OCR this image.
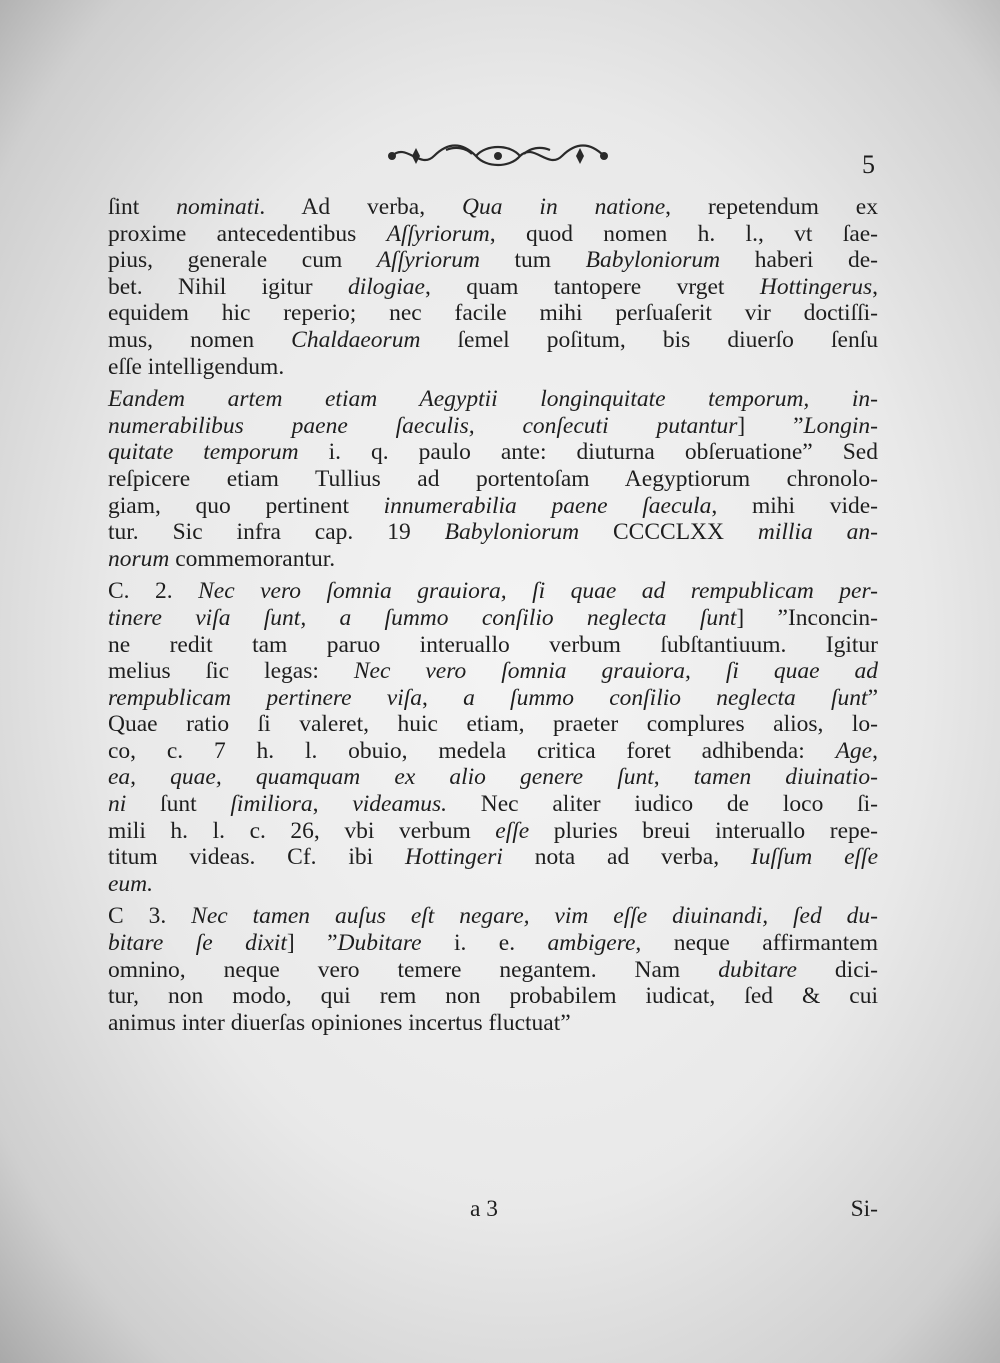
5
ſint nominati. Ad verba, Qua in natione, repetendum ex
proxime antecedentibus Aſſyriorum, quod nomen h. l., vt ſae-
pius, generale cum Aſſyriorum tum Babyloniorum haberi de-
bet. Nihil igitur dilogiae, quam tantopere vrget Hottingerus,
equidem hic reperio; nec facile mihi perſuaſerit vir doctiſſi-
mus, nomen Chaldaeorum ſemel poſitum, bis diuerſo ſenſu
eſſe intelligendum.
Eandem artem etiam Aegyptii longinquitate temporum, in-
numerabilibus paene ſaeculis, conſecuti putantur] ”Longin-
quitate temporum i. q. paulo ante: diuturna obſeruatione” Sed
reſpicere etiam Tullius ad portentoſam Aegyptiorum chronolo-
giam, quo pertinent innumerabilia paene ſaecula, mihi vide-
tur. Sic infra cap. 19 Babyloniorum CCCCLXX millia an-
norum commemorantur.
C. 2. Nec vero ſomnia grauiora, ſi quae ad rempublicam per-
tinere viſa ſunt, a ſummo conſilio neglecta ſunt] ”Inconcin-
ne redit tam paruo interuallo verbum ſubſtantiuum. Igitur
melius ſic legas: Nec vero ſomnia grauiora, ſi quae ad
rempublicam pertinere viſa, a ſummo conſilio neglecta ſunt”
Quae ratio ſi valeret, huic etiam, praeter complures alios, lo-
co, c. 7 h. l. obuio, medela critica foret adhibenda: Age,
ea, quae, quamquam ex alio genere ſunt, tamen diuinatio-
ni ſunt ſimiliora, videamus. Nec aliter iudico de loco ſi-
mili h. l. c. 26, vbi verbum eſſe pluries breui interuallo repe-
titum videas. Cf. ibi Hottingeri nota ad verba, Iuſſum eſſe
eum.
C 3. Nec tamen auſus eſt negare, vim eſſe diuinandi, ſed du-
bitare ſe dixit] ”Dubitare i. e. ambigere, neque affirmantem
omnino, neque vero temere negantem. Nam dubitare dici-
tur, non modo, qui rem non probabilem iudicat, ſed & cui
animus inter diuerſas opiniones incertus fluctuat”
a 3	Si-
